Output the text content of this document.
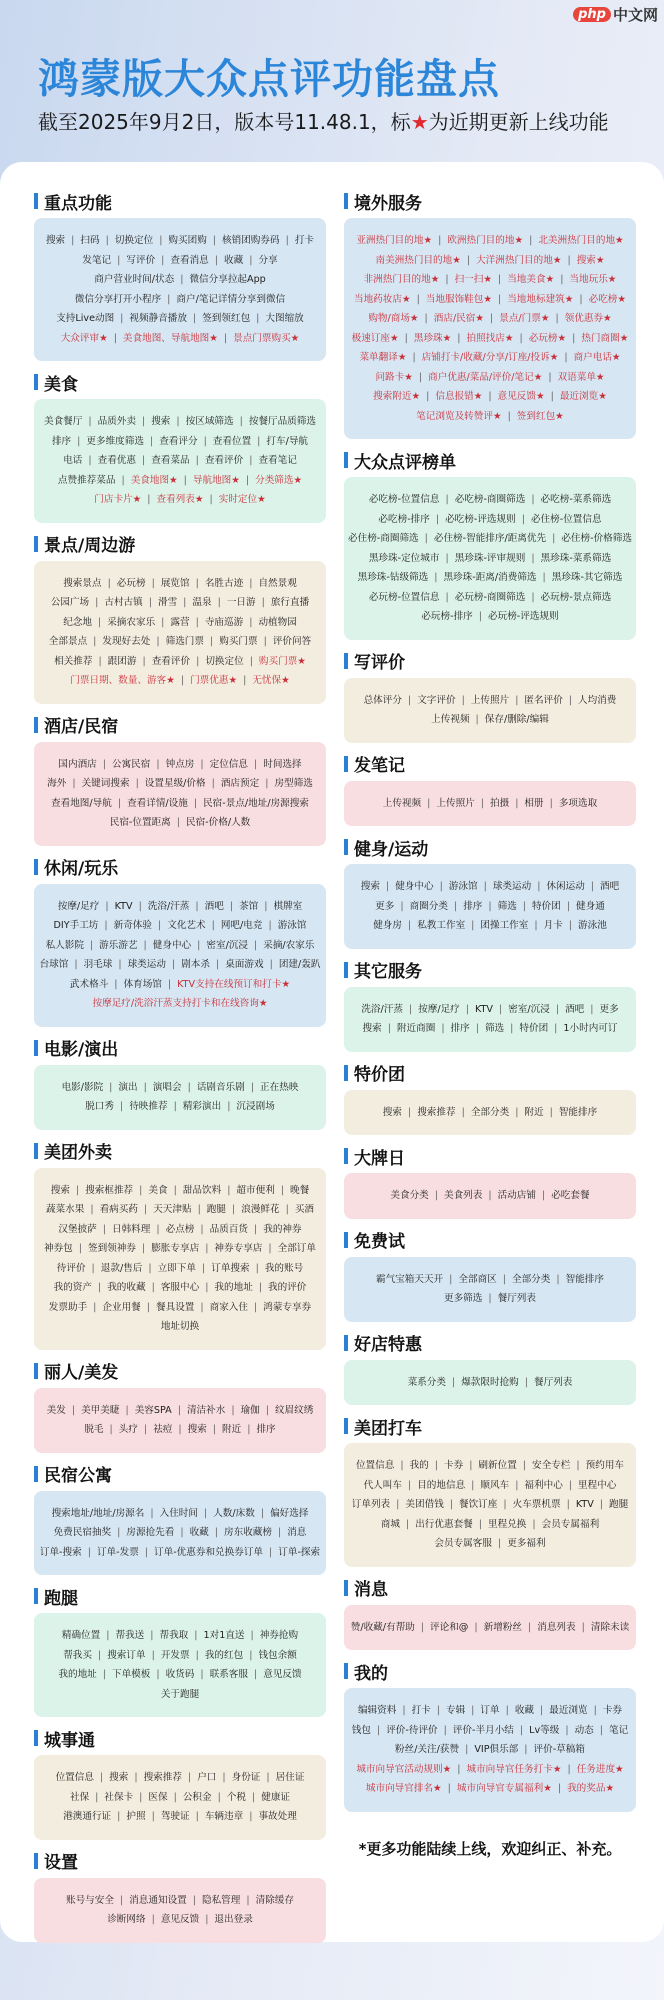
php 中文网
鸿蒙版大众点评功能盘点
截至2025年9月2日，版本号11.48.1，标★为近期更新上线功能
重点功能
搜索 | 扫码 | 切换定位 | 购买团购 | 核销团购券码 | 打卡
发笔记 | 写评价 | 查看消息 | 收藏 | 分享
商户营业时间/状态 | 微信分享拉起App
微信分享打开小程序 | 商户/笔记详情分享到微信
支持Live动图 | 视频静音播放 | 签到领红包 | 大图缩放
大众评审★ | 美食地图、导航地图★ | 景点门票购买★
美食
美食餐厅 | 品质外卖 | 搜索 | 按区域筛选 | 按餐厅品质筛选
排序 | 更多维度筛选 | 查看评分 | 查看位置 | 打车/导航
电话 | 查看优惠 | 查看菜品 | 查看评价 | 查看笔记
点赞推荐菜品 | 美食地图★ | 导航地图★ | 分类筛选★
门店卡片★ | 查看列表★ | 实时定位★
景点/周边游
搜索景点 | 必玩榜 | 展览馆 | 名胜古迹 | 自然景观
公园广场 | 古村古镇 | 滑雪 | 温泉 | 一日游 | 旅行直播
纪念地 | 采摘农家乐 | 露营 | 寺庙巡游 | 动植物园
全部景点 | 发现好去处 | 筛选门票 | 购买门票 | 评价问答
相关推荐 | 跟团游 | 查看评价 | 切换定位 | 购买门票★
门票日期、数量、游客★ | 门票优惠★ | 无忧保★
酒店/民宿
国内酒店 | 公寓民宿 | 钟点房 | 定位信息 | 时间选择
海外 | 关键词搜索 | 设置星级/价格 | 酒店预定 | 房型筛选
查看地图/导航 | 查看详情/设施 | 民宿-景点/地址/房源搜索
民宿-位置距离 | 民宿-价格/人数
休闲/玩乐
按摩/足疗 | KTV | 洗浴/汗蒸 | 酒吧 | 茶馆 | 棋牌室
DIY手工坊 | 新奇体验 | 文化艺术 | 网吧/电竞 | 游泳馆
私人影院 | 游乐游艺 | 健身中心 | 密室/沉浸 | 采摘/农家乐
台球馆 | 羽毛球 | 球类运动 | 剧本杀 | 桌面游戏 | 团建/轰趴
武术格斗 | 体育场馆 | KTV支持在线预订和打卡★
按摩足疗/洗浴汗蒸支持打卡和在线咨询★
电影/演出
电影/影院 | 演出 | 演唱会 | 话剧音乐剧 | 正在热映
脱口秀 | 待映推荐 | 精彩演出 | 沉浸剧场
美团外卖
搜索 | 搜索框推荐 | 美食 | 甜品饮料 | 超市便利 | 晚餐
蔬菜水果 | 看病买药 | 天天津贴 | 跑腿 | 浪漫鲜花 | 买酒
汉堡披萨 | 日韩料理 | 必点榜 | 品质百货 | 我的神券
神券包 | 签到领神券 | 膨胀专享店 | 神券专享店 | 全部订单
待评价 | 退款/售后 | 立即下单 | 订单搜索 | 我的账号
我的资产 | 我的收藏 | 客服中心 | 我的地址 | 我的评价
发票助手 | 企业用餐 | 餐具设置 | 商家入住 | 鸿蒙专享券
地址切换
丽人/美发
美发 | 美甲美睫 | 美容SPA | 清洁补水 | 瑜伽 | 纹眉纹绣
脱毛 | 头疗 | 祛痘 | 搜索 | 附近 | 排序
民宿公寓
搜索地址/地址/房源名 | 入住时间 | 人数/床数 | 偏好选择
免费民宿抽奖 | 房源抢先看 | 收藏 | 房东收藏榜 | 消息
订单-搜索 | 订单-发票 | 订单-优惠券和兑换券订单 | 订单-探索
跑腿
精确位置 | 帮我送 | 帮我取 | 1对1直送 | 神券抢购
帮我买 | 搜索订单 | 开发票 | 我的红包 | 钱包余额
我的地址 | 下单模板 | 收货码 | 联系客服 | 意见反馈
关于跑腿
城事通
位置信息 | 搜索 | 搜索推荐 | 户口 | 身份证 | 居住证
社保 | 社保卡 | 医保 | 公积金 | 个税 | 健康证
港澳通行证 | 护照 | 驾驶证 | 车辆违章 | 事故处理
设置
账号与安全 | 消息通知设置 | 隐私管理 | 清除缓存
诊断网络 | 意见反馈 | 退出登录
境外服务
亚洲热门目的地★ | 欧洲热门目的地★ | 北美洲热门目的地★
南美洲热门目的地★ | 大洋洲热门目的地★ | 搜索★
非洲热门目的地★ | 扫一扫★ | 当地美食★ | 当地玩乐★
当地药妆店★ | 当地服饰鞋包★ | 当地地标建筑★ | 必吃榜★
购物/商场★ | 酒店/民宿★ | 景点/门票★ | 领优惠券★
极速订座★ | 黑珍珠★ | 拍照找店★ | 必玩榜★ | 热门商圈★
菜单翻译★ | 店铺打卡/收藏/分享/订座/投诉★ | 商户电话★
问路卡★ | 商户优惠/菜品/评价/笔记★ | 双语菜单★
搜索附近★ | 信息报错★ | 意见反馈★ | 最近浏览★
笔记浏览及转赞评★ | 签到红包★
大众点评榜单
必吃榜-位置信息 | 必吃榜-商圈筛选 | 必吃榜-菜系筛选
必吃榜-排序 | 必吃榜-评选规则 | 必住榜-位置信息
必住榜-商圈筛选 | 必住榜-智能排序/距离优先 | 必住榜-价格筛选
黑珍珠-定位城市 | 黑珍珠-评审规则 | 黑珍珠-菜系筛选
黑珍珠-钻级筛选 | 黑珍珠-距离/消费筛选 | 黑珍珠-其它筛选
必玩榜-位置信息 | 必玩榜-商圈筛选 | 必玩榜-景点筛选
必玩榜-排序 | 必玩榜-评选规则
写评价
总体评分 | 文字评价 | 上传照片 | 匿名评价 | 人均消费
上传视频 | 保存/删除/编辑
发笔记
上传视频 | 上传照片 | 拍摄 | 相册 | 多项选取
健身/运动
搜索 | 健身中心 | 游泳馆 | 球类运动 | 休闲运动 | 酒吧
更多 | 商圈分类 | 排序 | 筛选 | 特价团 | 健身通
健身房 | 私教工作室 | 团操工作室 | 月卡 | 游泳池
其它服务
洗浴/汗蒸 | 按摩/足疗 | KTV | 密室/沉浸 | 酒吧 | 更多
搜索 | 附近商圈 | 排序 | 筛选 | 特价团 | 1小时内可订
特价团
搜索 | 搜索推荐 | 全部分类 | 附近 | 智能排序
大牌日
美食分类 | 美食列表 | 活动店铺 | 必吃套餐
免费试
霸气宝箱天天开 | 全部商区 | 全部分类 | 智能排序
更多筛选 | 餐厅列表
好店特惠
菜系分类 | 爆款限时抢购 | 餐厅列表
美团打车
位置信息 | 我的 | 卡券 | 刷新位置 | 安全专栏 | 预约用车
代人叫车 | 目的地信息 | 顺风车 | 福利中心 | 里程中心
订单列表 | 美团借钱 | 餐饮订座 | 火车票机票 | KTV | 跑腿
商城 | 出行优惠套餐 | 里程兑换 | 会员专属福利
会员专属客服 | 更多福利
消息
赞/收藏/有帮助 | 评论和@ | 新增粉丝 | 消息列表 | 清除未读
我的
编辑资料 | 打卡 | 专辑 | 订单 | 收藏 | 最近浏览 | 卡券
钱包 | 评价-待评价 | 评价-半月小结 | Lv等级 | 动态 | 笔记
粉丝/关注/获赞 | VIP俱乐部 | 评价-草稿箱
城市向导官活动规则★ | 城市向导官任务打卡★ | 任务进度★
城市向导官排名★ | 城市向导官专属福利★ | 我的奖品★
*更多功能陆续上线，欢迎纠正、补充。
